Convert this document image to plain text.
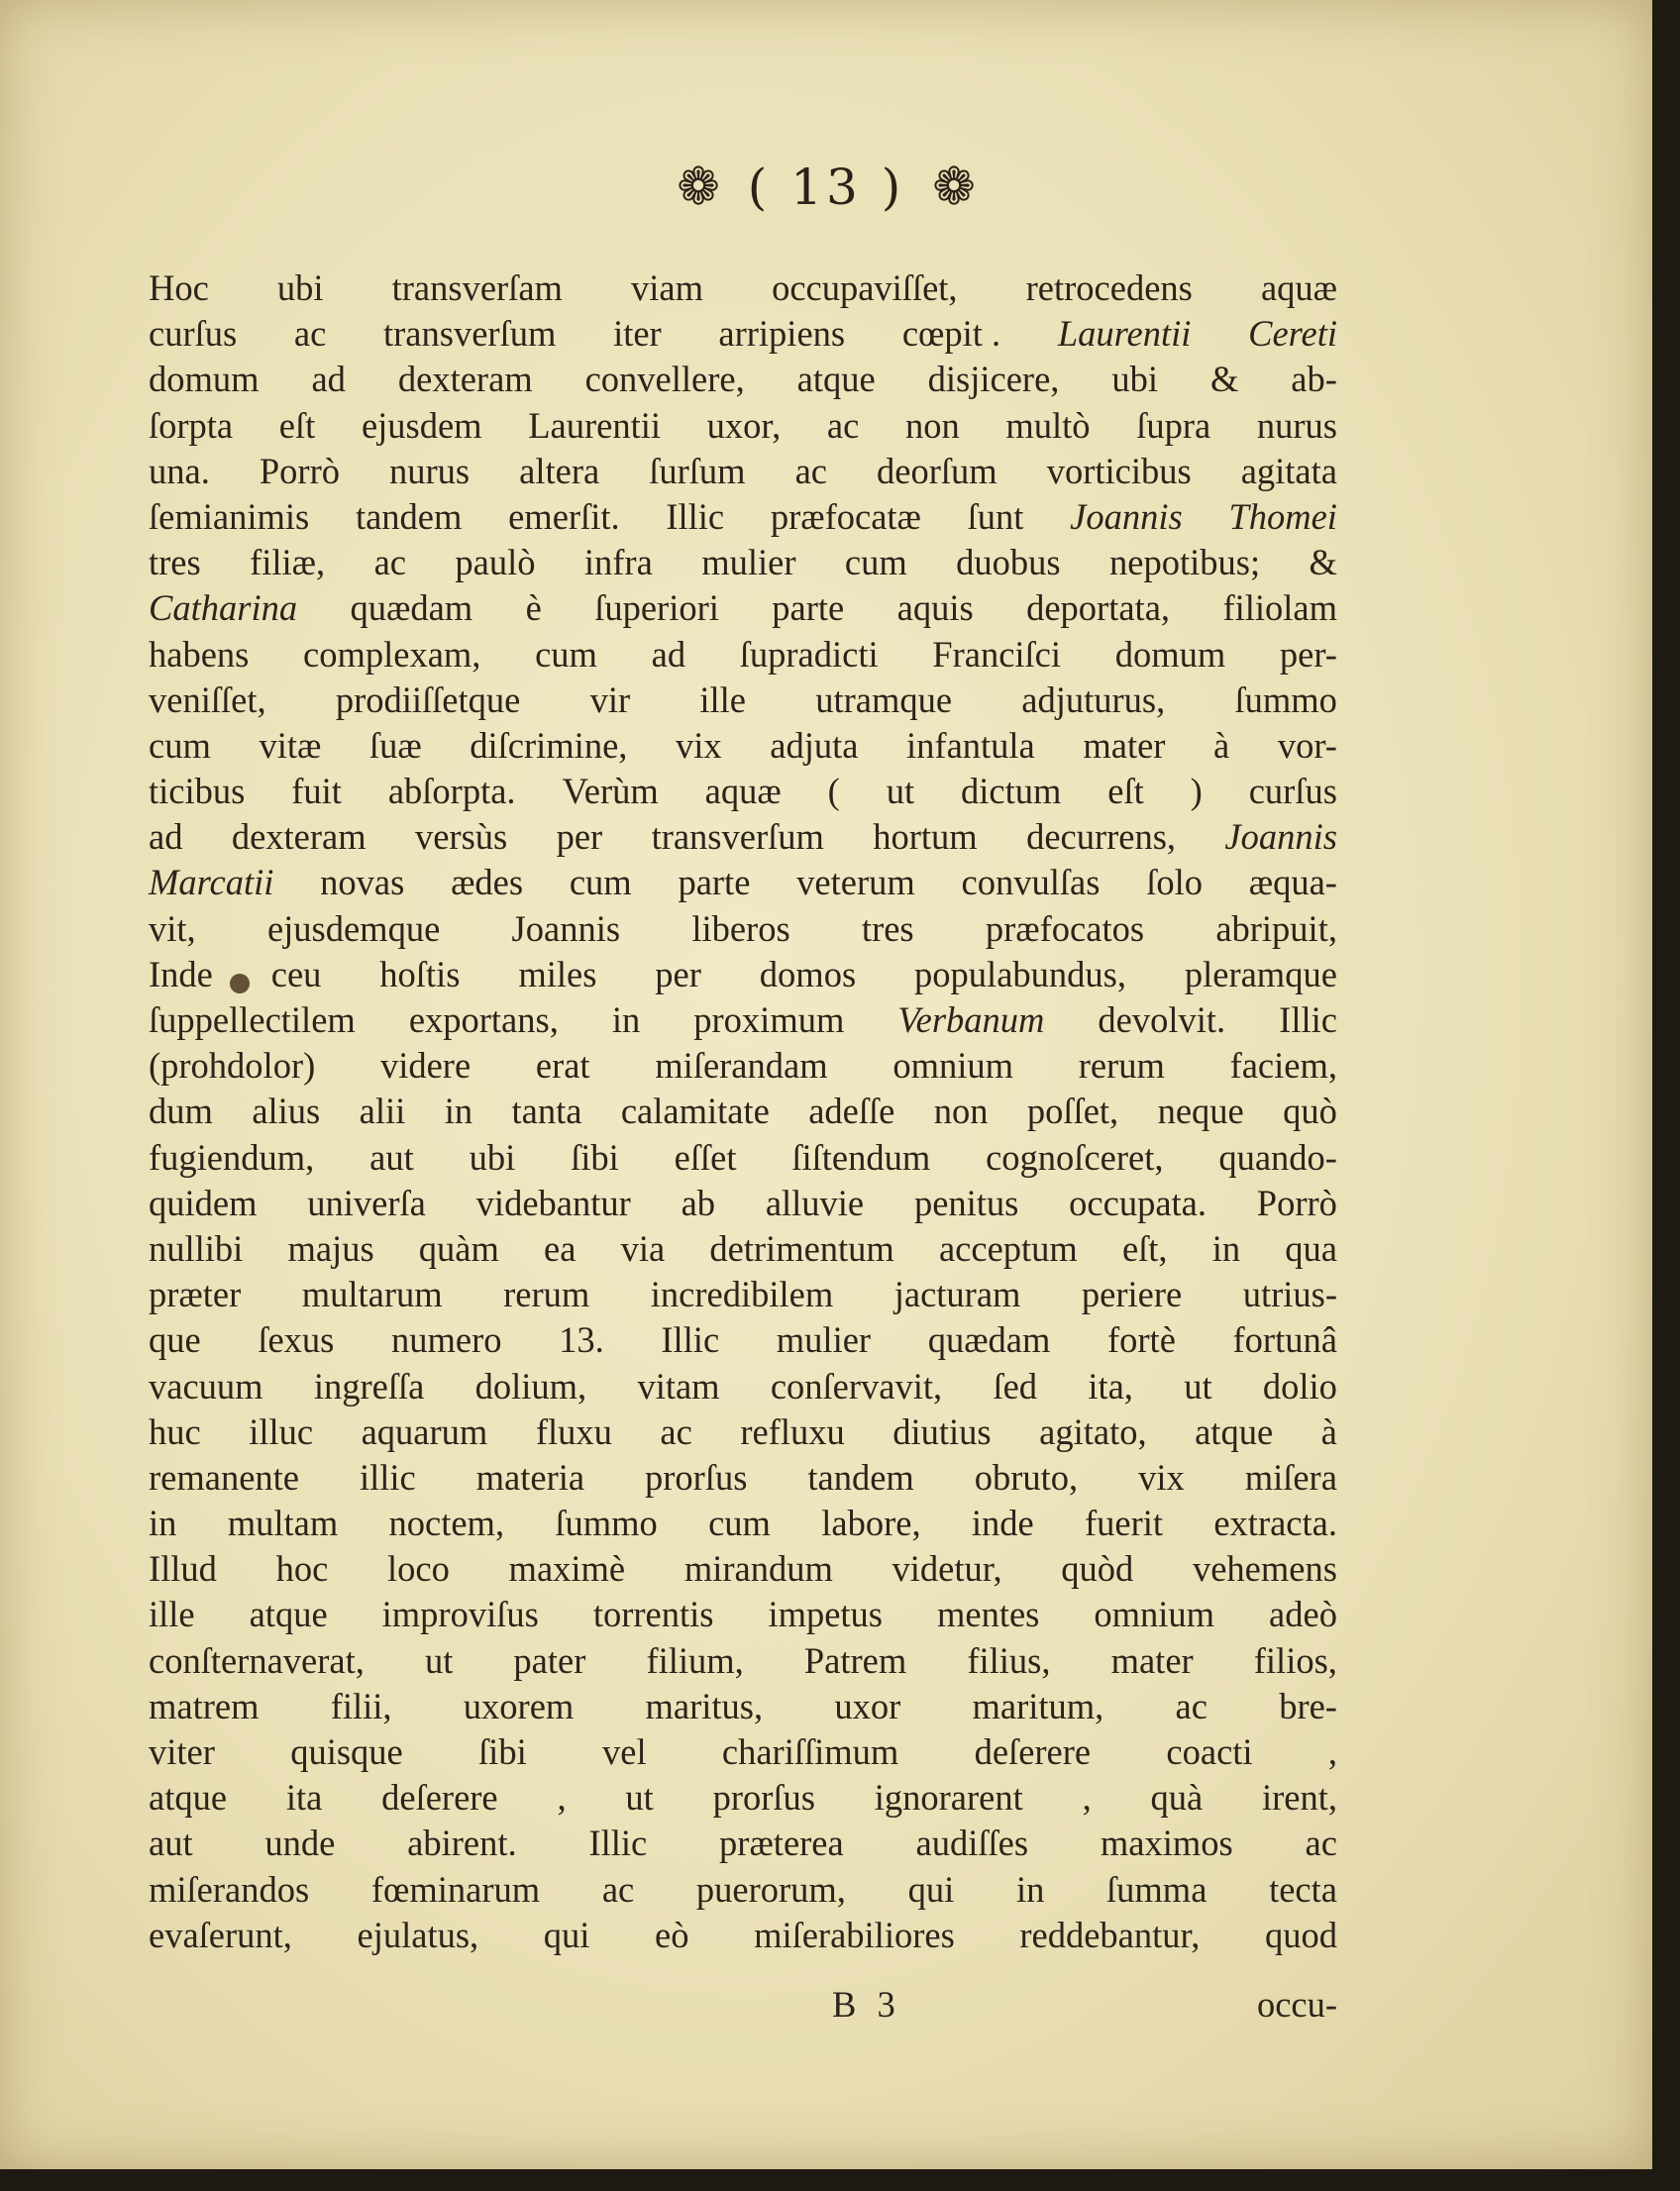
❁ ( 13 ) ❁
Hoc ubi transverſam viam occupaviſſet, retrocedens aquæ
curſus ac transverſum iter arripiens cœpit . Laurentii Cereti
domum ad dexteram convellere, atque disjicere, ubi & ab-
ſorpta eſt ejusdem Laurentii uxor, ac non multò ſupra nurus
una. Porrò nurus altera ſurſum ac deorſum vorticibus agitata
ſemianimis tandem emerſit. Illic præfocatæ ſunt Joannis Thomei
tres filiæ, ac paulò infra mulier cum duobus nepotibus; &
Catharina quædam è ſuperiori parte aquis deportata, filiolam
habens complexam, cum ad ſupradicti Franciſci domum per-
veniſſet, prodiiſſetque vir ille utramque adjuturus, ſummo
cum vitæ ſuæ diſcrimine, vix adjuta infantula mater à vor-
ticibus fuit abſorpta. Verùm aquæ ( ut dictum eſt ) curſus
ad dexteram versùs per transverſum hortum decurrens, Joannis
Marcatii novas ædes cum parte veterum convulſas ſolo æqua-
vit, ejusdemque Joannis liberos tres præfocatos abripuit,
Inde ceu hoſtis miles per domos populabundus, pleramque
ſuppellectilem exportans, in proximum Verbanum devolvit. Illic
(prohdolor) videre erat miſerandam omnium rerum faciem,
dum alius alii in tanta calamitate adeſſe non poſſet, neque quò
fugiendum, aut ubi ſibi eſſet ſiſtendum cognoſceret, quando-
quidem univerſa videbantur ab alluvie penitus occupata. Porrò
nullibi majus quàm ea via detrimentum acceptum eſt, in qua
præter multarum rerum incredibilem jacturam periere utrius-
que ſexus numero 13. Illic mulier quædam fortè fortunâ
vacuum ingreſſa dolium, vitam conſervavit, ſed ita, ut dolio
huc illuc aquarum fluxu ac refluxu diutius agitato, atque à
remanente illic materia prorſus tandem obruto, vix miſera
in multam noctem, ſummo cum labore, inde fuerit extracta.
Illud hoc loco maximè mirandum videtur, quòd vehemens
ille atque improviſus torrentis impetus mentes omnium adeò
conſternaverat, ut pater filium, Patrem filius, mater filios,
matrem filii, uxorem maritus, uxor maritum, ac bre-
viter quisque ſibi vel chariſſimum deſerere coacti ,
atque ita deſerere , ut prorſus ignorarent , quà irent,
aut unde abirent. Illic præterea audiſſes maximos ac
miſerandos fœminarum ac puerorum, qui in ſumma tecta
evaſerunt, ejulatus, qui eò miſerabiliores reddebantur, quod
B 3	occu-
